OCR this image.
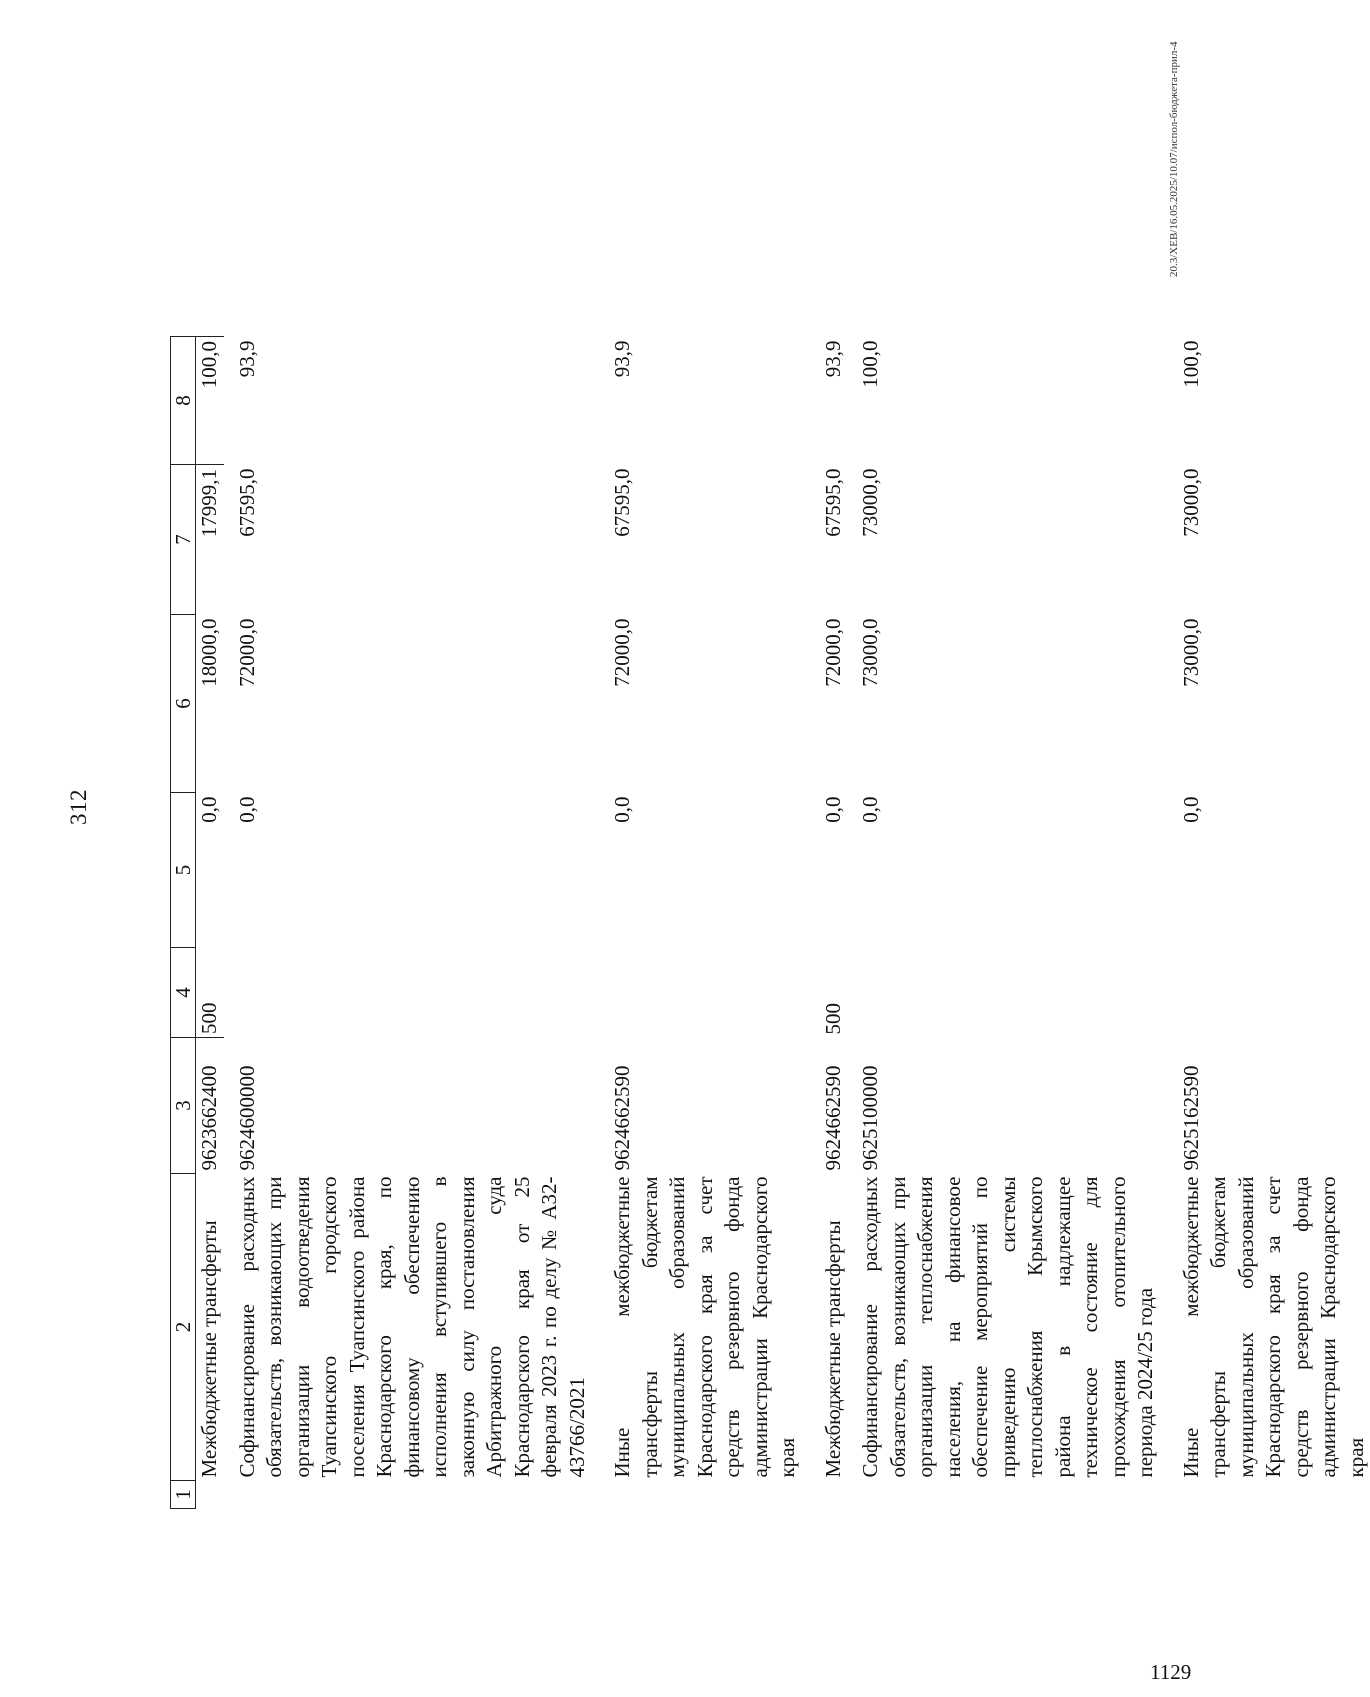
312
1	2	3	4	5	6	7	8
	Межбюджетные трансферты	9623662400	500	0,0	18000,0	17999,1	100,0
	Софинансирование расходных обязательств, возникающих при организации водоотведения Туапсинского городского поселения Туапсинского района Краснодарского края, по финансовому обеспечению исполнения вступившего в законную силу постановления Арбитражного суда Краснодарского края от 25 февраля 2023 г. по делу № А32-43766/2021	9624600000		0,0	72000,0	67595,0	93,9
	Иные межбюджетные трансферты бюджетам муниципальных образований Краснодарского края за счет средств резервного фонда администрации Краснодарского края	9624662590		0,0	72000,0	67595,0	93,9
	Межбюджетные трансферты	9624662590	500	0,0	72000,0	67595,0	93,9
	Софинансирование расходных обязательств, возникающих при организации теплоснабжения населения, на финансовое обеспечение мероприятий по приведению системы теплоснабжения Крымского района в надлежащее техническое состояние для прохождения отопительного периода 2024/25 года	9625100000		0,0	73000,0	73000,0	100,0
	Иные межбюджетные трансферты бюджетам муниципальных образований Краснодарского края за счет средств резервного фонда администрации Краснодарского края	9625162590		0,0	73000,0	73000,0	100,0
20.3/XEB/16.05.2025/10.07/испол-бюджета-прил-4
1129
